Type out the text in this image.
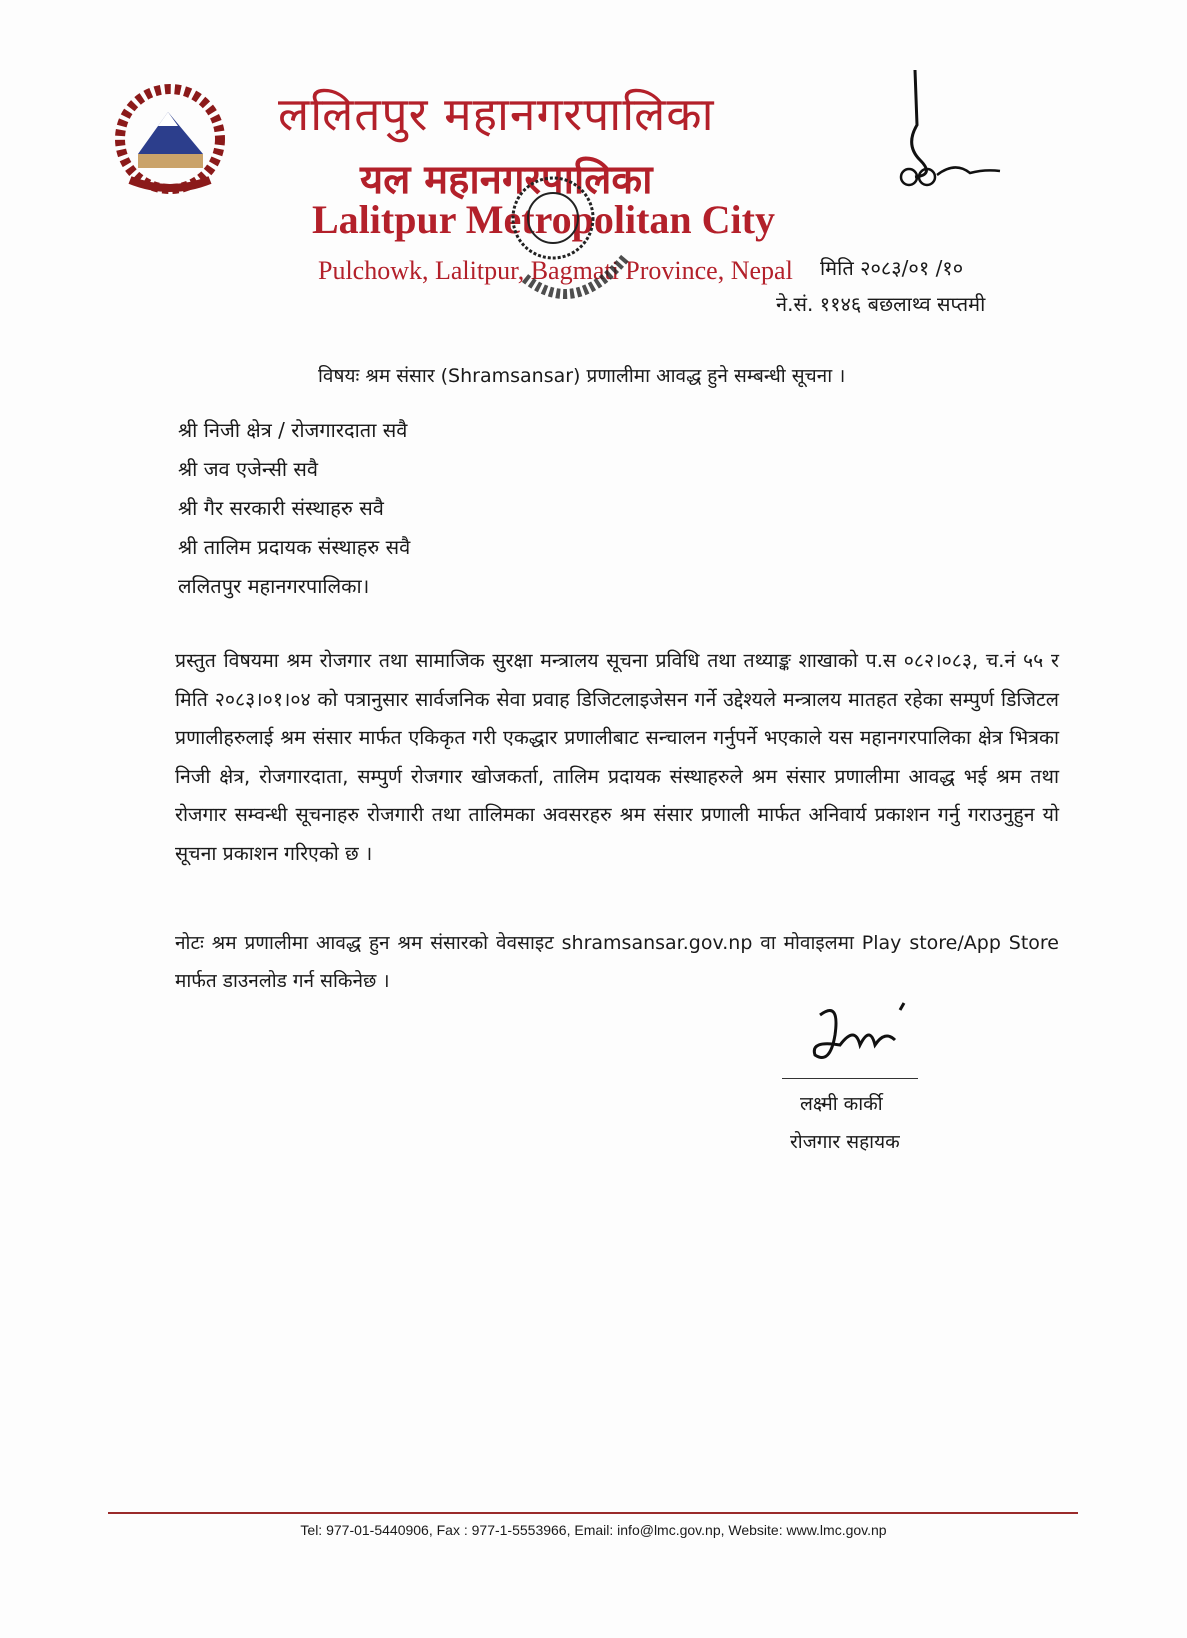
ललितपुर महानगरपालिका
यल महानगरपालिका
Lalitpur Metropolitan City
Pulchowk, Lalitpur, Bagmati Province, Nepal मिति २०८३/०१ /१०
ने.सं. ११४६ बछलाथ्व सप्तमी
विषयः श्रम संसार (Shramsansar) प्रणालीमा आवद्ध हुने सम्बन्धी सूचना ।
श्री निजी क्षेत्र / रोजगारदाता सवै
श्री जव एजेन्सी सवै
श्री गैर सरकारी संस्थाहरु सवै
श्री तालिम प्रदायक संस्थाहरु सवै
ललितपुर महानगरपालिका।
प्रस्तुत विषयमा श्रम रोजगार तथा सामाजिक सुरक्षा मन्त्रालय सूचना प्रविधि तथा तथ्याङ्क शाखाको प.स ०८२।०८३, च.नं ५५ र मिति २०८३।०१।०४ को पत्रानुसार सार्वजनिक सेवा प्रवाह डिजिटलाइजेसन गर्ने उद्देश्यले मन्त्रालय मातहत रहेका सम्पुर्ण डिजिटल प्रणालीहरुलाई श्रम संसार मार्फत एकिकृत गरी एकद्धार प्रणालीबाट सन्चालन गर्नुपर्ने भएकाले यस महानगरपालिका क्षेत्र भित्रका निजी क्षेत्र, रोजगारदाता, सम्पुर्ण रोजगार खोजकर्ता, तालिम प्रदायक संस्थाहरुले श्रम संसार प्रणालीमा आवद्ध भई श्रम तथा रोजगार सम्वन्धी सूचनाहरु रोजगारी तथा तालिमका अवसरहरु श्रम संसार प्रणाली मार्फत अनिवार्य प्रकाशन गर्नु गराउनुहुन यो सूचना प्रकाशन गरिएको छ ।
नोटः श्रम प्रणालीमा आवद्ध हुन श्रम संसारको वेवसाइट shramsansar.gov.np वा मोवाइलमा Play store/App Store मार्फत डाउनलोड गर्न सकिनेछ ।
लक्ष्मी कार्की
रोजगार सहायक
Tel: 977-01-5440906, Fax : 977-1-5553966, Email: info@lmc.gov.np, Website: www.lmc.gov.np
